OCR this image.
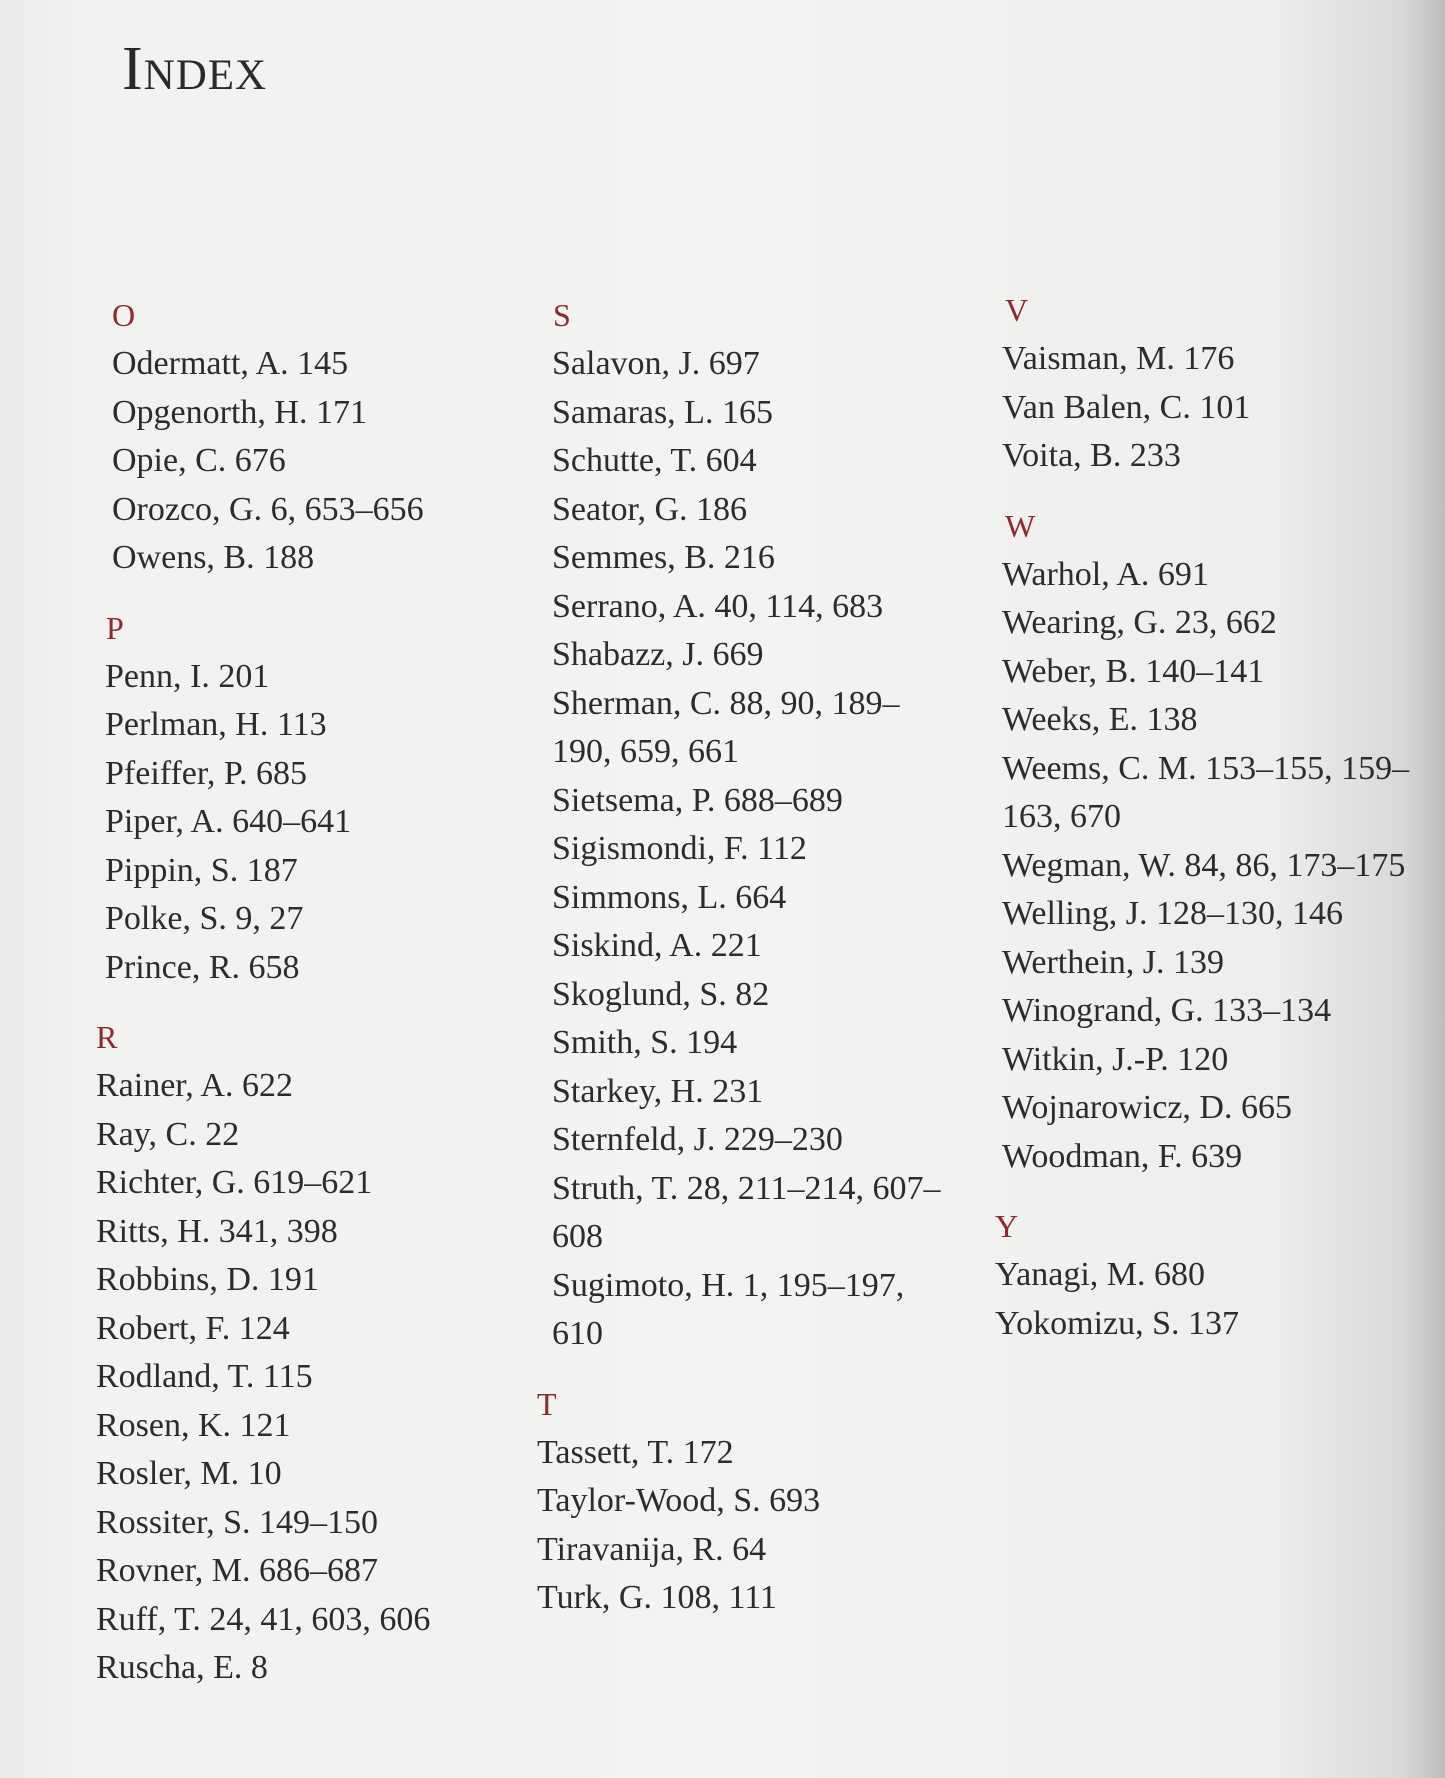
Index
O
Odermatt, A. 145
Opgenorth, H. 171
Opie, C. 676
Orozco, G. 6, 653–656
Owens, B. 188
P
Penn, I. 201
Perlman, H. 113
Pfeiffer, P. 685
Piper, A. 640–641
Pippin, S. 187
Polke, S. 9, 27
Prince, R. 658
R
Rainer, A. 622
Ray, C. 22
Richter, G. 619–621
Ritts, H. 341, 398
Robbins, D. 191
Robert, F. 124
Rodland, T. 115
Rosen, K. 121
Rosler, M. 10
Rossiter, S. 149–150
Rovner, M. 686–687
Ruff, T. 24, 41, 603, 606
Ruscha, E. 8
S
Salavon, J. 697
Samaras, L. 165
Schutte, T. 604
Seator, G. 186
Semmes, B. 216
Serrano, A. 40, 114, 683
Shabazz, J. 669
Sherman, C. 88, 90, 189–
190, 659, 661
Sietsema, P. 688–689
Sigismondi, F. 112
Simmons, L. 664
Siskind, A. 221
Skoglund, S. 82
Smith, S. 194
Starkey, H. 231
Sternfeld, J. 229–230
Struth, T. 28, 211–214, 607–
608
Sugimoto, H. 1, 195–197,
610
T
Tassett, T. 172
Taylor-Wood, S. 693
Tiravanija, R. 64
Turk, G. 108, 111
V
Vaisman, M. 176
Van Balen, C. 101
Voita, B. 233
W
Warhol, A. 691
Wearing, G. 23, 662
Weber, B. 140–141
Weeks, E. 138
Weems, C. M. 153–155, 159–
163, 670
Wegman, W. 84, 86, 173–175
Welling, J. 128–130, 146
Werthein, J. 139
Winogrand, G. 133–134
Witkin, J.-P. 120
Wojnarowicz, D. 665
Woodman, F. 639
Y
Yanagi, M. 680
Yokomizu, S. 137
